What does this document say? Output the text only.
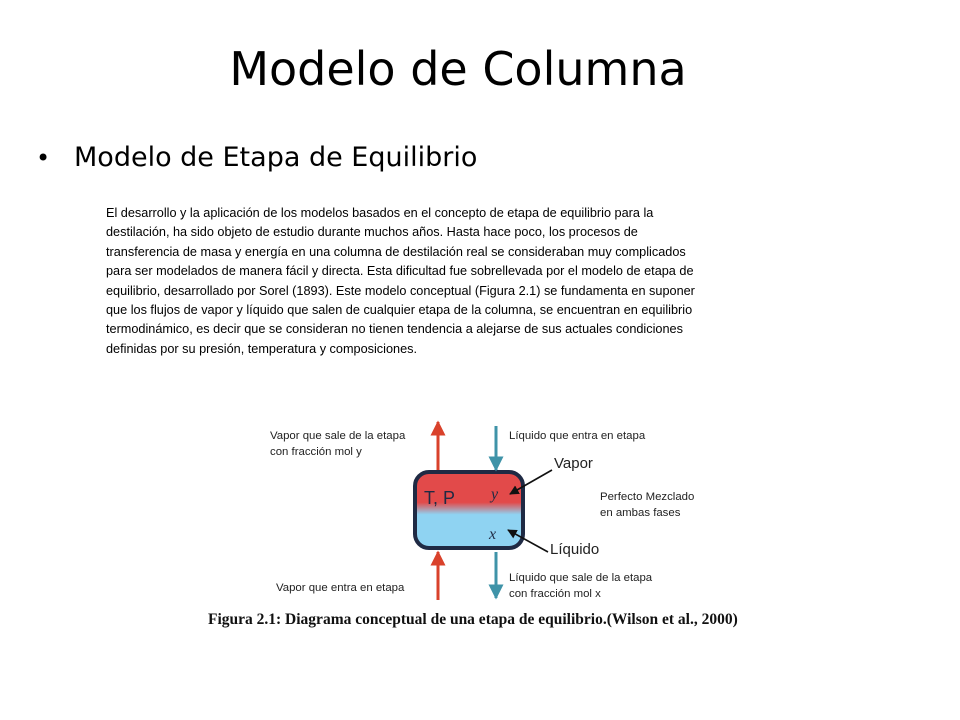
Modelo de Columna
• Modelo de Etapa de Equilibrio
El desarrollo y la aplicación de los modelos basados en el concepto de etapa de equilibrio para la
destilación, ha sido objeto de estudio durante muchos años. Hasta hace poco, los procesos de
transferencia de masa y energía en una columna de destilación real se consideraban muy complicados
para ser modelados de manera fácil y directa. Esta dificultad fue sobrellevada por el modelo de etapa de
equilibrio, desarrollado por Sorel (1893). Este modelo conceptual (Figura 2.1) se fundamenta en suponer
que los flujos de vapor y líquido que salen de cualquier etapa de la columna, se encuentran en equilibrio
termodinámico, es decir que se consideran no tienen tendencia a alejarse de sus actuales condiciones
definidas por su presión, temperatura y composiciones.
T, P y
x
Vapor que sale de la etapa
con fracción mol y
Líquido que entra en etapa
Vapor
Perfecto Mezclado
en ambas fases
Líquido
Vapor que entra en etapa
Líquido que sale de la etapa
con fracción mol x
Figura 2.1: Diagrama conceptual de una etapa de equilibrio.(Wilson et al., 2000)
